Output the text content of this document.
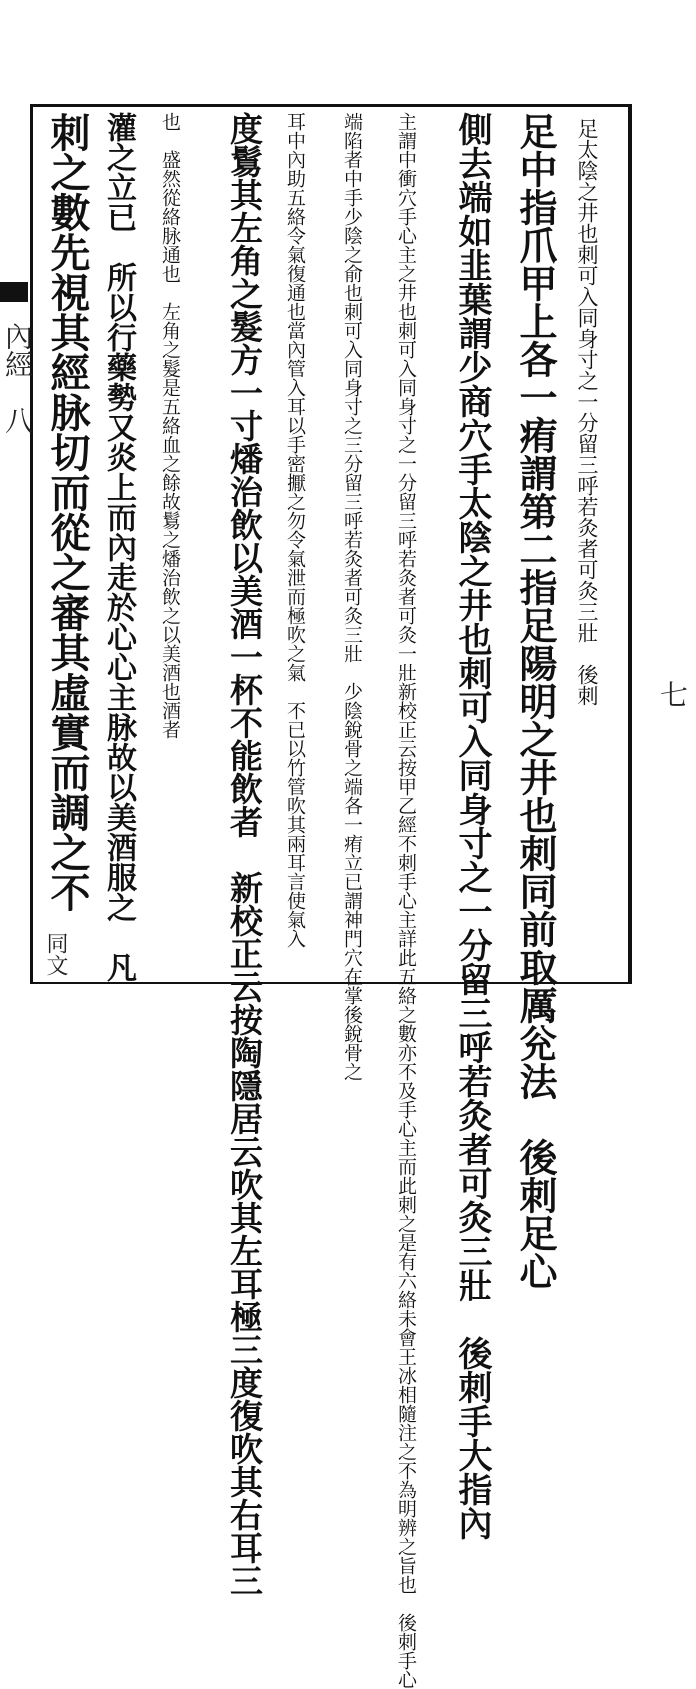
內經　八
同文
七
足太陰之井也刺可入同身寸之一分留三呼若灸者可灸三壯　後刺
足中指爪甲上各一痏謂第二指足陽明之井也刺同前取厲兊法　後刺足心
側去端如韭葉謂少商穴手太陰之井也刺可入同身寸之一分留三呼若灸者可灸三壯　後刺手大指內
主謂中衝穴手心主之井也刺可入同身寸之一分留三呼若灸者可灸一壯新校正云按甲乙經不刺手心主詳此五絡之數亦不及手心主而此刺之是有六絡未會王冰相隨注之不為明辨之旨也　後刺手心
端陷者中手少陰之俞也刺可入同身寸之三分留三呼若灸者可灸三壯　少陰銳骨之端各一痏立已謂神門穴在掌後銳骨之
耳中內助五絡令氣復通也當內管入耳以手密擫之勿令氣泄而極吹之氣　不已以竹管吹其兩耳言使氣入
度鬄其左角之髮方一寸燔治飲以美酒一杯不能飲者　新校正云按陶隱居云吹其左耳極三度復吹其右耳三
也　盛然從絡脉通也　左角之髮是五絡血之餘故鬄之燔治飲之以美酒也酒者
灌之立已　所以行藥勢又炎上而內走於心心主脉故以美酒服之　凡
刺之數先視其經脉切而從之審其虛實而調之不
